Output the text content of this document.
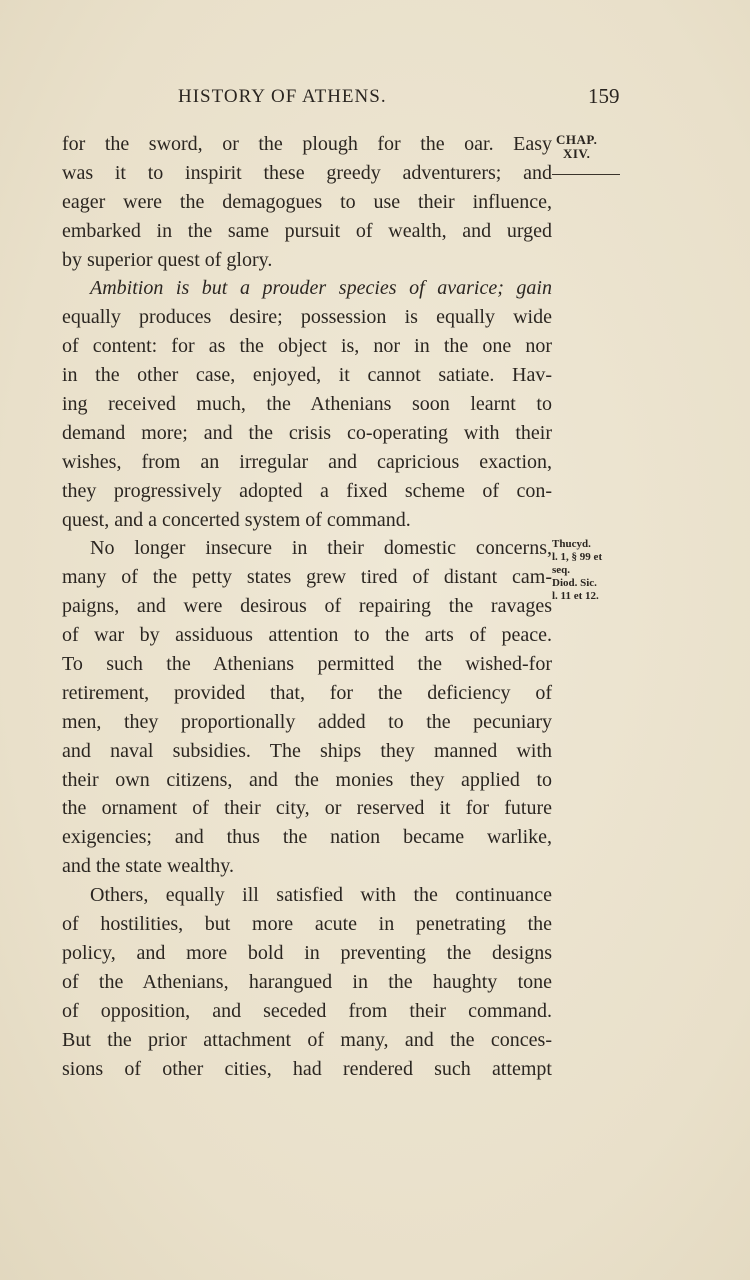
HISTORY OF ATHENS.	159
CHAP.
XIV.
Thucyd.
l. 1, § 99 et
seq.
Diod. Sic.
l. 11 et 12.
for the sword, or the plough for the oar. Easy
was it to inspirit these greedy adventurers; and
eager were the demagogues to use their influence,
embarked in the same pursuit of wealth, and urged
by superior quest of glory.
Ambition is but a prouder species of avarice; gain
equally produces desire; possession is equally wide
of content: for as the object is, nor in the one nor
in the other case, enjoyed, it cannot satiate. Hav-
ing received much, the Athenians soon learnt to
demand more; and the crisis co-operating with their
wishes, from an irregular and capricious exaction,
they progressively adopted a fixed scheme of con-
quest, and a concerted system of command.
No longer insecure in their domestic concerns,
many of the petty states grew tired of distant cam-
paigns, and were desirous of repairing the ravages
of war by assiduous attention to the arts of peace.
To such the Athenians permitted the wished-for
retirement, provided that, for the deficiency of
men, they proportionally added to the pecuniary
and naval subsidies. The ships they manned with
their own citizens, and the monies they applied to
the ornament of their city, or reserved it for future
exigencies; and thus the nation became warlike,
and the state wealthy.
Others, equally ill satisfied with the continuance
of hostilities, but more acute in penetrating the
policy, and more bold in preventing the designs
of the Athenians, harangued in the haughty tone
of opposition, and seceded from their command.
But the prior attachment of many, and the conces-
sions of other cities, had rendered such attempt
